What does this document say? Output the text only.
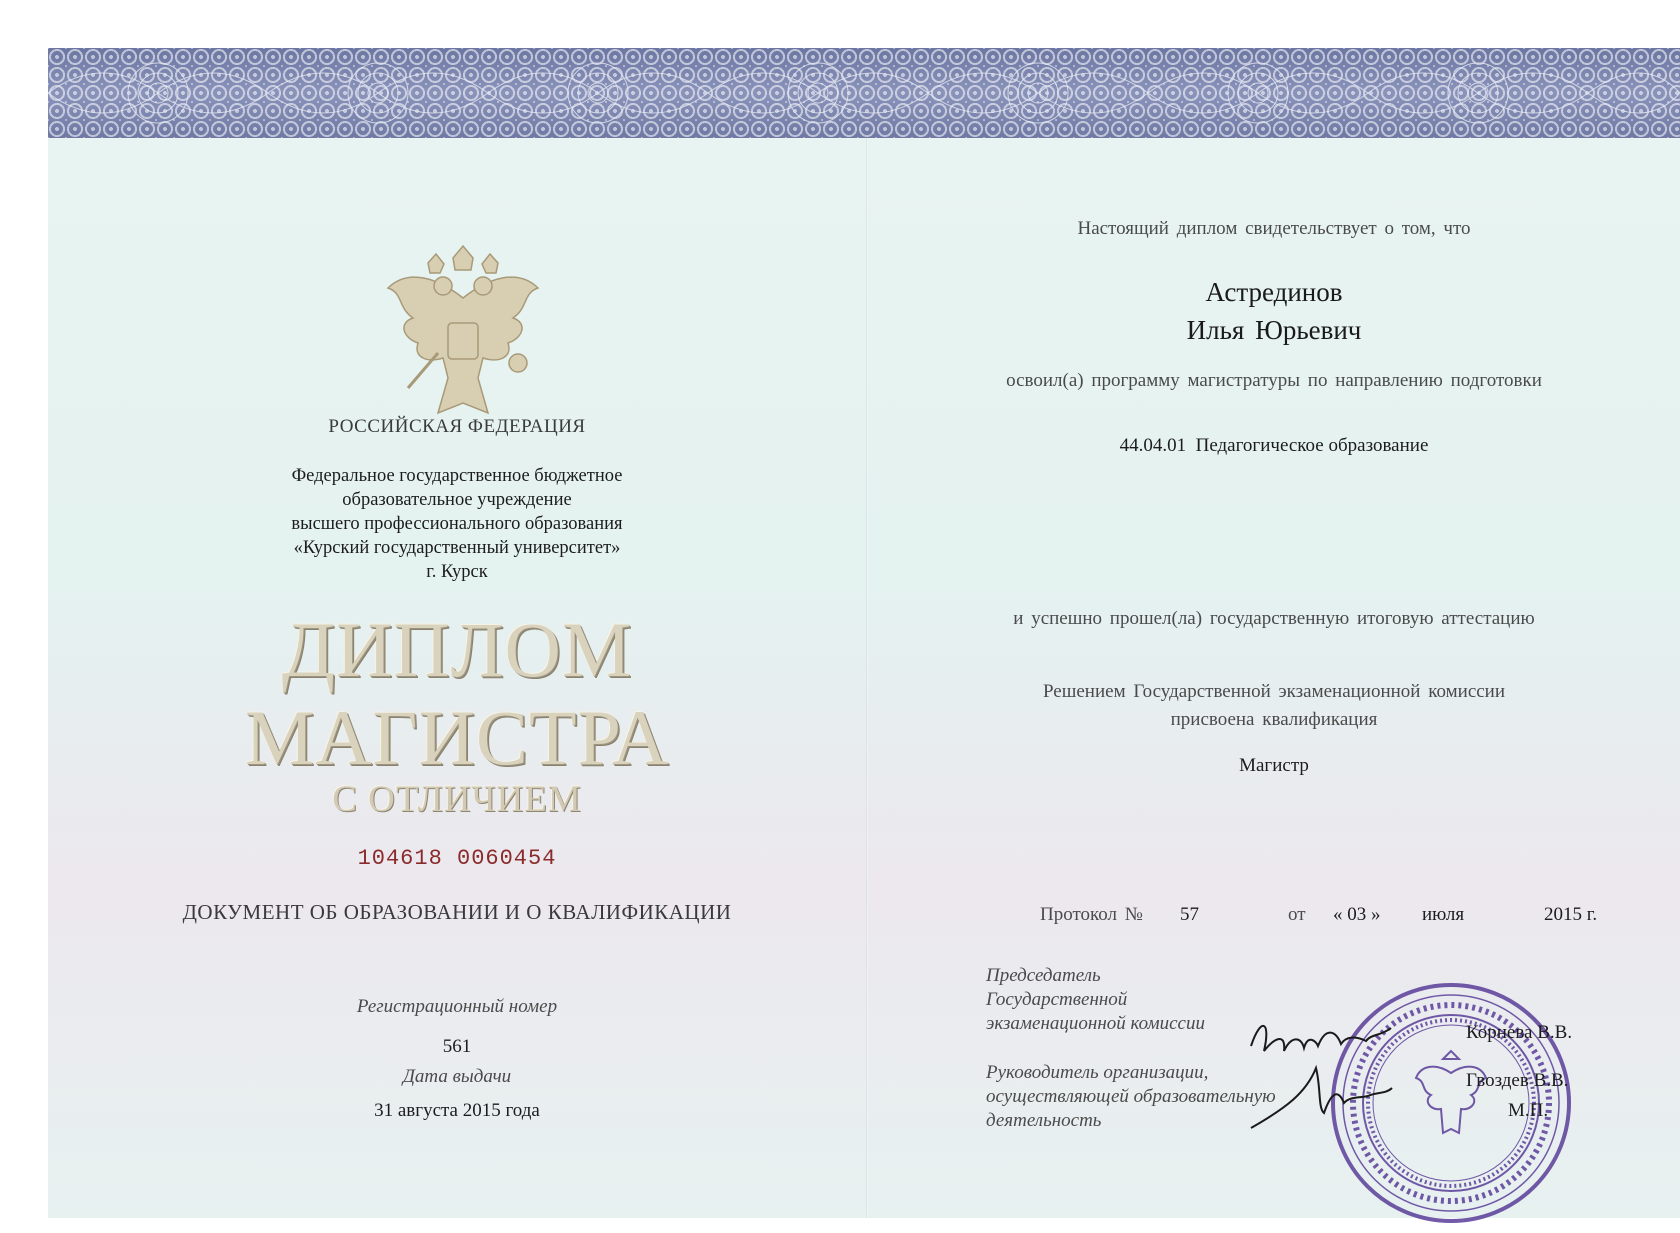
РОССИЙСКАЯ ФЕДЕРАЦИЯ
Федеральное государственное бюджетное
образовательное учреждение
высшего профессионального образования
«Курский государственный университет»
г. Курск
ДИПЛОМ
МАГИСТРА
С ОТЛИЧИЕМ
104618 0060454
ДОКУМЕНТ ОБ ОБРАЗОВАНИИ И О КВАЛИФИКАЦИИ
Регистрационный номер
561
Дата выдачи
31 августа 2015 года
Настоящий диплом свидетельствует о том, что
Астрединов
Илья Юрьевич
освоил(а) программу магистратуры по направлению подготовки
44.04.01 Педагогическое образование
и успешно прошел(ла) государственную итоговую аттестацию
Решением Государственной экзаменационной комиссии
присвоена квалификация
Магистр
Протокол № 57	от « 03 » июля	2015 г.
Председатель
Государственной
экзаменационной комиссии
Руководитель организации,
осуществляющей образовательную
деятельность
Корнева В.В.
Гвоздев В.В.
М.П.
